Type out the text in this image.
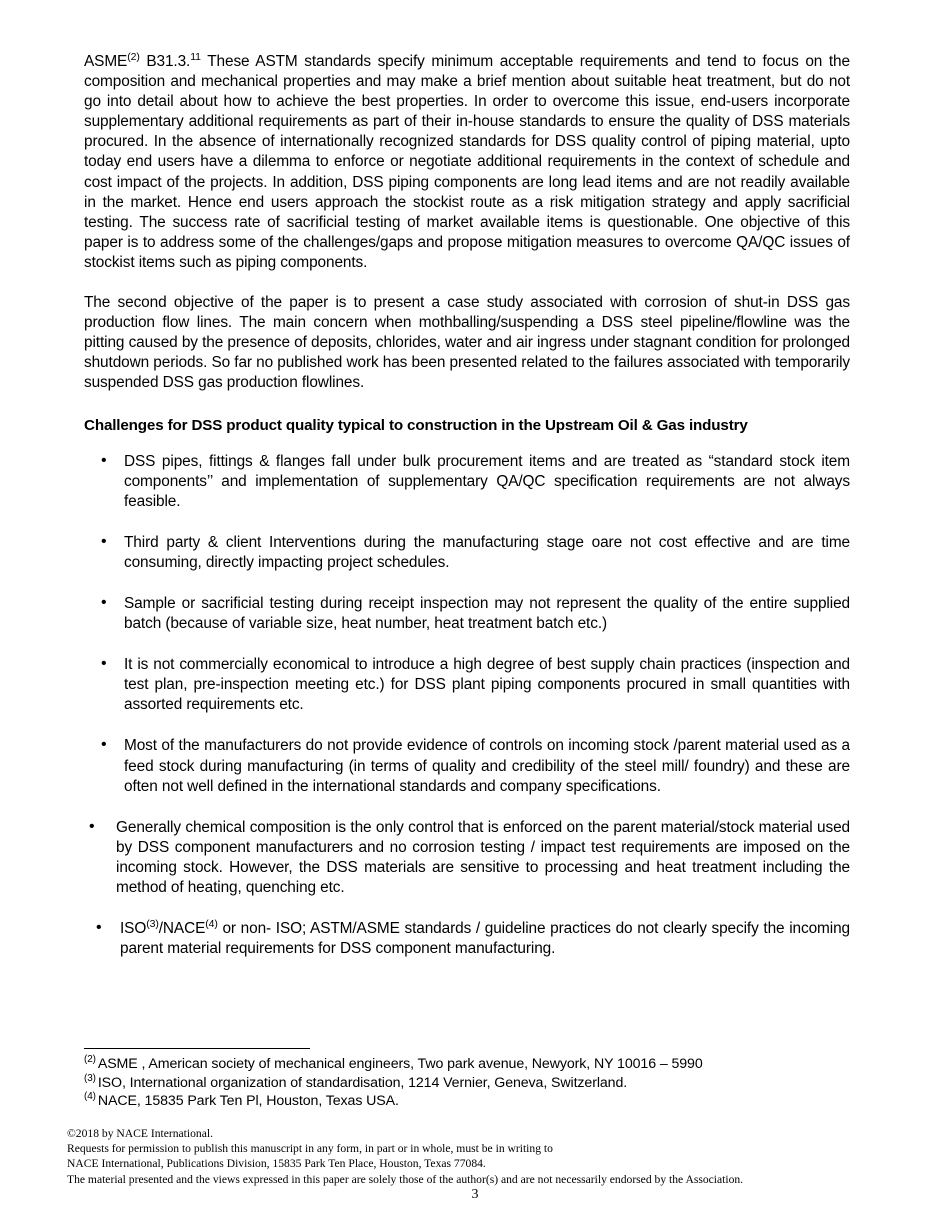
ASME$^{(2)}$ B31.3.11 These ASTM standards specify minimum acceptable requirements and tend to focus on the composition and mechanical properties and may make a brief mention about suitable heat treatment, but do not go into detail about how to achieve the best properties. In order to overcome this issue, end-users incorporate supplementary additional requirements as part of their in-house standards to ensure the quality of DSS materials procured. In the absence of internationally recognized standards for DSS quality control of piping material, upto today end users have a dilemma to enforce or negotiate additional requirements in the context of schedule and cost impact of the projects. In addition, DSS piping components are long lead items and are not readily available in the market. Hence end users approach the stockist route as a risk mitigation strategy and apply sacrificial testing. The success rate of sacrificial testing of market available items is questionable. One objective of this paper is to address some of the challenges/gaps and propose mitigation measures to overcome QA/QC issues of stockist items such as piping components.

The second objective of the paper is to present a case study associated with corrosion of shut-in DSS gas production flow lines. The main concern when mothballing/suspending a DSS steel pipeline/flowline was the pitting caused by the presence of deposits, chlorides, water and air ingress under stagnant condition for prolonged shutdown periods. So far no published work has been presented related to the failures associated with temporarily suspended DSS gas production flowlines.

Challenges for DSS product quality typical to construction in the Upstream Oil & Gas industry
• DSS pipes, fittings & flanges fall under bulk procurement items and are treated as “standard stock item components’’ and implementation of supplementary QA/QC specification requirements are not always feasible.
• Third party & client Interventions during the manufacturing stage oare not cost effective and are time consuming, directly impacting project schedules.
• Sample or sacrificial testing during receipt inspection may not represent the quality of the entire supplied batch (because of variable size, heat number, heat treatment batch etc.)
• It is not commercially economical to introduce a high degree of best supply chain practices (inspection and test plan, pre-inspection meeting etc.) for DSS plant piping components procured in small quantities with assorted requirements etc.
• Most of the manufacturers do not provide evidence of controls on incoming stock /parent material used as a feed stock during manufacturing (in terms of quality and credibility of the steel mill/ foundry) and these are often not well defined in the international standards and company specifications.
• Generally chemical composition is the only control that is enforced on the parent material/stock material used by DSS component manufacturers and no corrosion testing / impact test requirements are imposed on the incoming stock. However, the DSS materials are sensitive to processing and heat treatment including the method of heating, quenching etc.
• ISO$^{(3)}$/NACE$^{(4)}$ or non- ISO; ASTM/ASME standards / guideline practices do not clearly specify the incoming parent material requirements for DSS component manufacturing.
$^{(2)}$ ASME , American society of mechanical engineers, Two park avenue, Newyork, NY 10016 – 5990
$^{(3)}$ ISO, International organization of standardisation, 1214 Vernier, Geneva, Switzerland.
$^{(4)}$ NACE, 15835 Park Ten Pl, Houston, Texas USA.
©2018 by NACE International.
Requests for permission to publish this manuscript in any form, in part or in whole, must be in writing to
NACE International, Publications Division, 15835 Park Ten Place, Houston, Texas 77084.
The material presented and the views expressed in this paper are solely those of the author(s) and are not necessarily endorsed by the Association.
3
